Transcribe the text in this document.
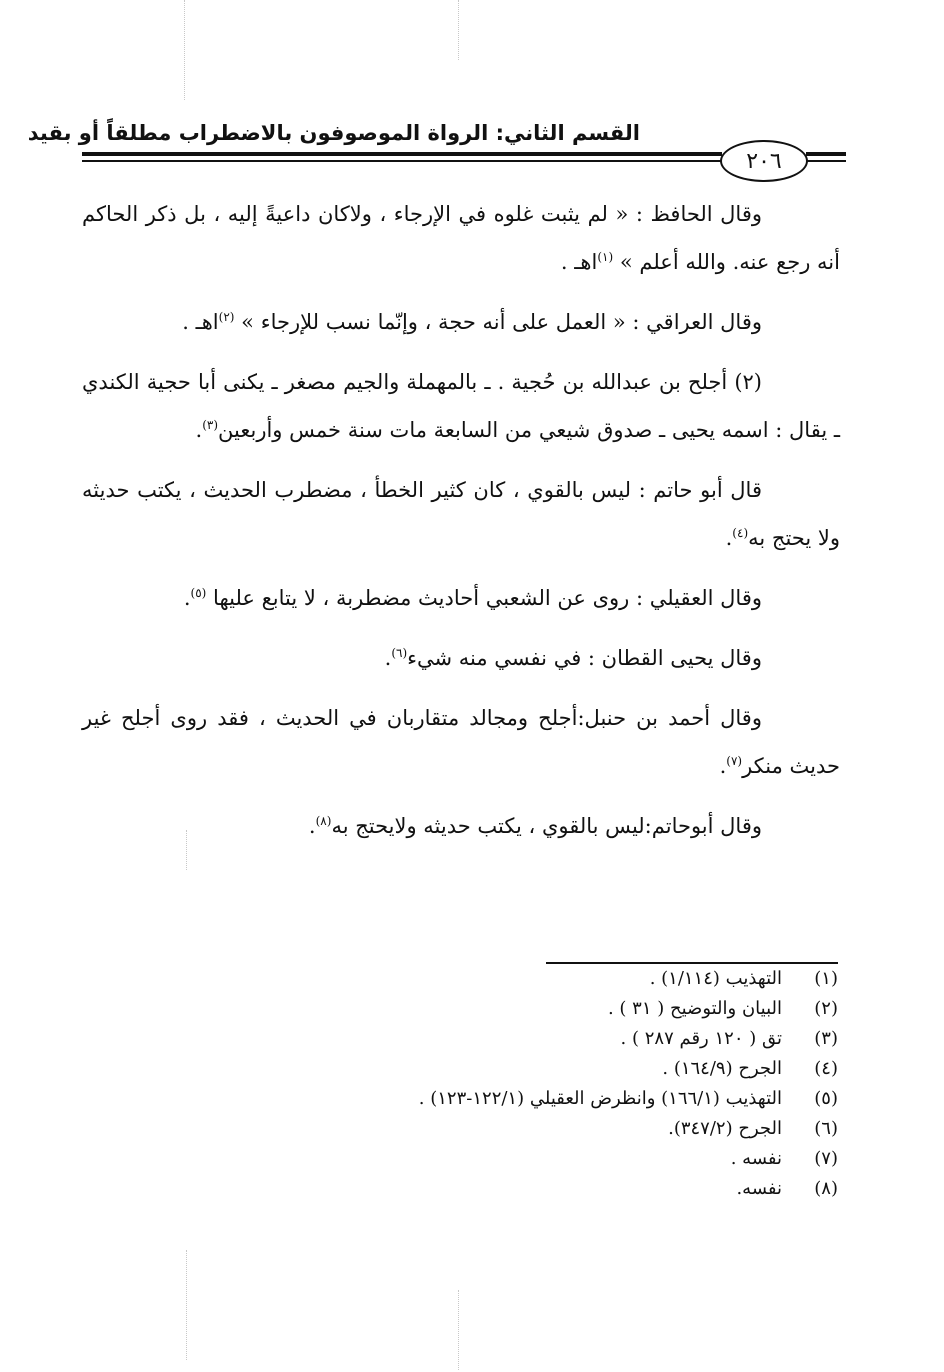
القسم الثاني: الرواة الموصوفون بالاضطراب مطلقاً أو بقيد
٢٠٦

وقال الحافظ : « لم يثبت غلوه في الإرجاء ، ولاكان داعيةً إليه ، بل ذكر الحاكم أنه رجع عنه. والله أعلم » $^{(١)}$اهـ .

وقال العراقي : « العمل على أنه حجة ، وإنّما نسب للإرجاء » $^{(٢)}$اهـ .

(٢) أجلح بن عبدالله بن حُجية . ـ بالمهملة والجيم مصغر ـ يكنى أبا حجية الكندي ـ يقال : اسمه يحيى ـ صدوق شيعي من السابعة مات سنة خمس وأربعين$^{(٣)}$.

قال أبو حاتم : ليس بالقوي ، كان كثير الخطأ ، مضطرب الحديث ، يكتب حديثه ولا يحتج به$^{(٤)}$.

وقال العقيلي : روى عن الشعبي أحاديث مضطربة ، لا يتابع عليها $^{(٥)}$.

وقال يحيى القطان : في نفسي منه شيء$^{(٦)}$.

وقال أحمد بن حنبل:أجلح ومجالد متقاربان في الحديث ، فقد روى أجلح غير حديث منكر$^{(٧)}$.

وقال أبوحاتم:ليس بالقوي ، يكتب حديثه ولايحتج به$^{(٨)}$.

(١)
التهذيب (١/١١٤) .
(٢)
البيان والتوضيح ( ٣١ ) .
(٣)
تق ( ١٢٠ رقم ٢٨٧ ) .
(٤)
الجرح (١٦٤/٩) .
(٥)
التهذيب (١٦٦/١) وانظرض العقيلي (١٢٢/١-١٢٣) .
(٦)
الجرح (٣٤٧/٢).
(٧)
نفسه .
(٨)
نفسه.
